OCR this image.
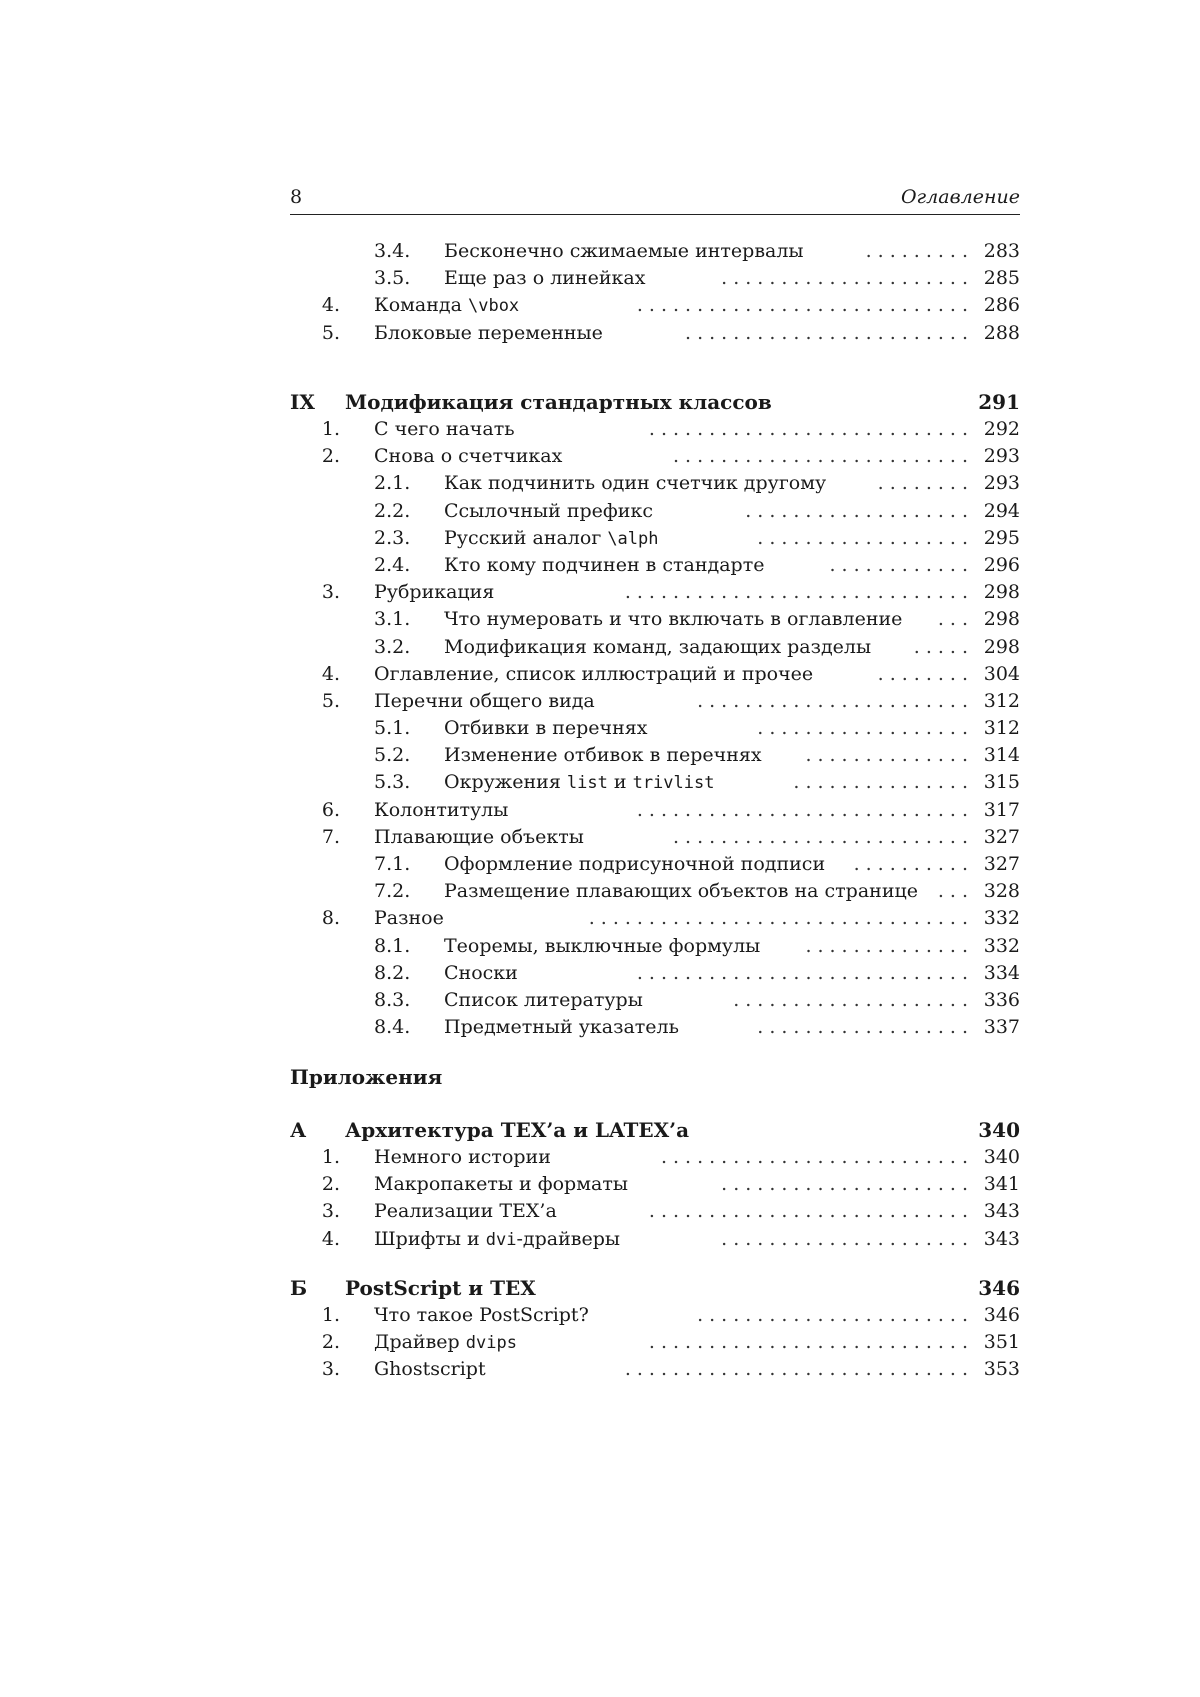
8	Оглавление
3.4. Бесконечно сжимаемые интервалы	......... 283
3.5. Еще раз о линейках	..................... 285
4. Команда \vbox	............................ 286
5. Блоковые переменные	........................ 288
IX Модификация стандартных классов	291
1. С чего начать	........................... 292
2. Снова о счетчиках	......................... 293
2.1. Как подчинить один счетчик другому	........ 293
2.2. Ссылочный префикс	................... 294
2.3. Русский аналог \alph	.................. 295
2.4. Кто кому подчинен в стандарте	............ 296
3. Рубрикация	............................. 298
3.1. Что нумеровать и что включать в оглавление	... 298
3.2. Модификация команд, задающих разделы	..... 298
4. Оглавление, список иллюстраций и прочее	........ 304
5. Перечни общего вида	....................... 312
5.1. Отбивки в перечнях	.................. 312
5.2. Изменение отбивок в перечнях	.............. 314
5.3. Окружения list и trivlist	............... 315
6. Колонтитулы	............................ 317
7. Плавающие объекты	......................... 327
7.1. Оформление подрисуночной подписи	.......... 327
7.2. Размещение плавающих объектов на странице	... 328
8. Разное	................................ 332
8.1. Теоремы, выключные формулы	.............. 332
8.2. Сноски	............................ 334
8.3. Список литературы	.................... 336
8.4. Предметный указатель	.................. 337
Приложения
А Архитектура TEX’а и LATEX’а	340
1. Немного истории	.......................... 340
2. Макропакеты и форматы	..................... 341
3. Реализации TEX’а	........................... 343
4. Шрифты и dvi-драйверы	..................... 343
Б PostScript и TEX	346
1. Что такое PostScript?	....................... 346
2. Драйвер dvips	........................... 351
3. Ghostscript	............................. 353
